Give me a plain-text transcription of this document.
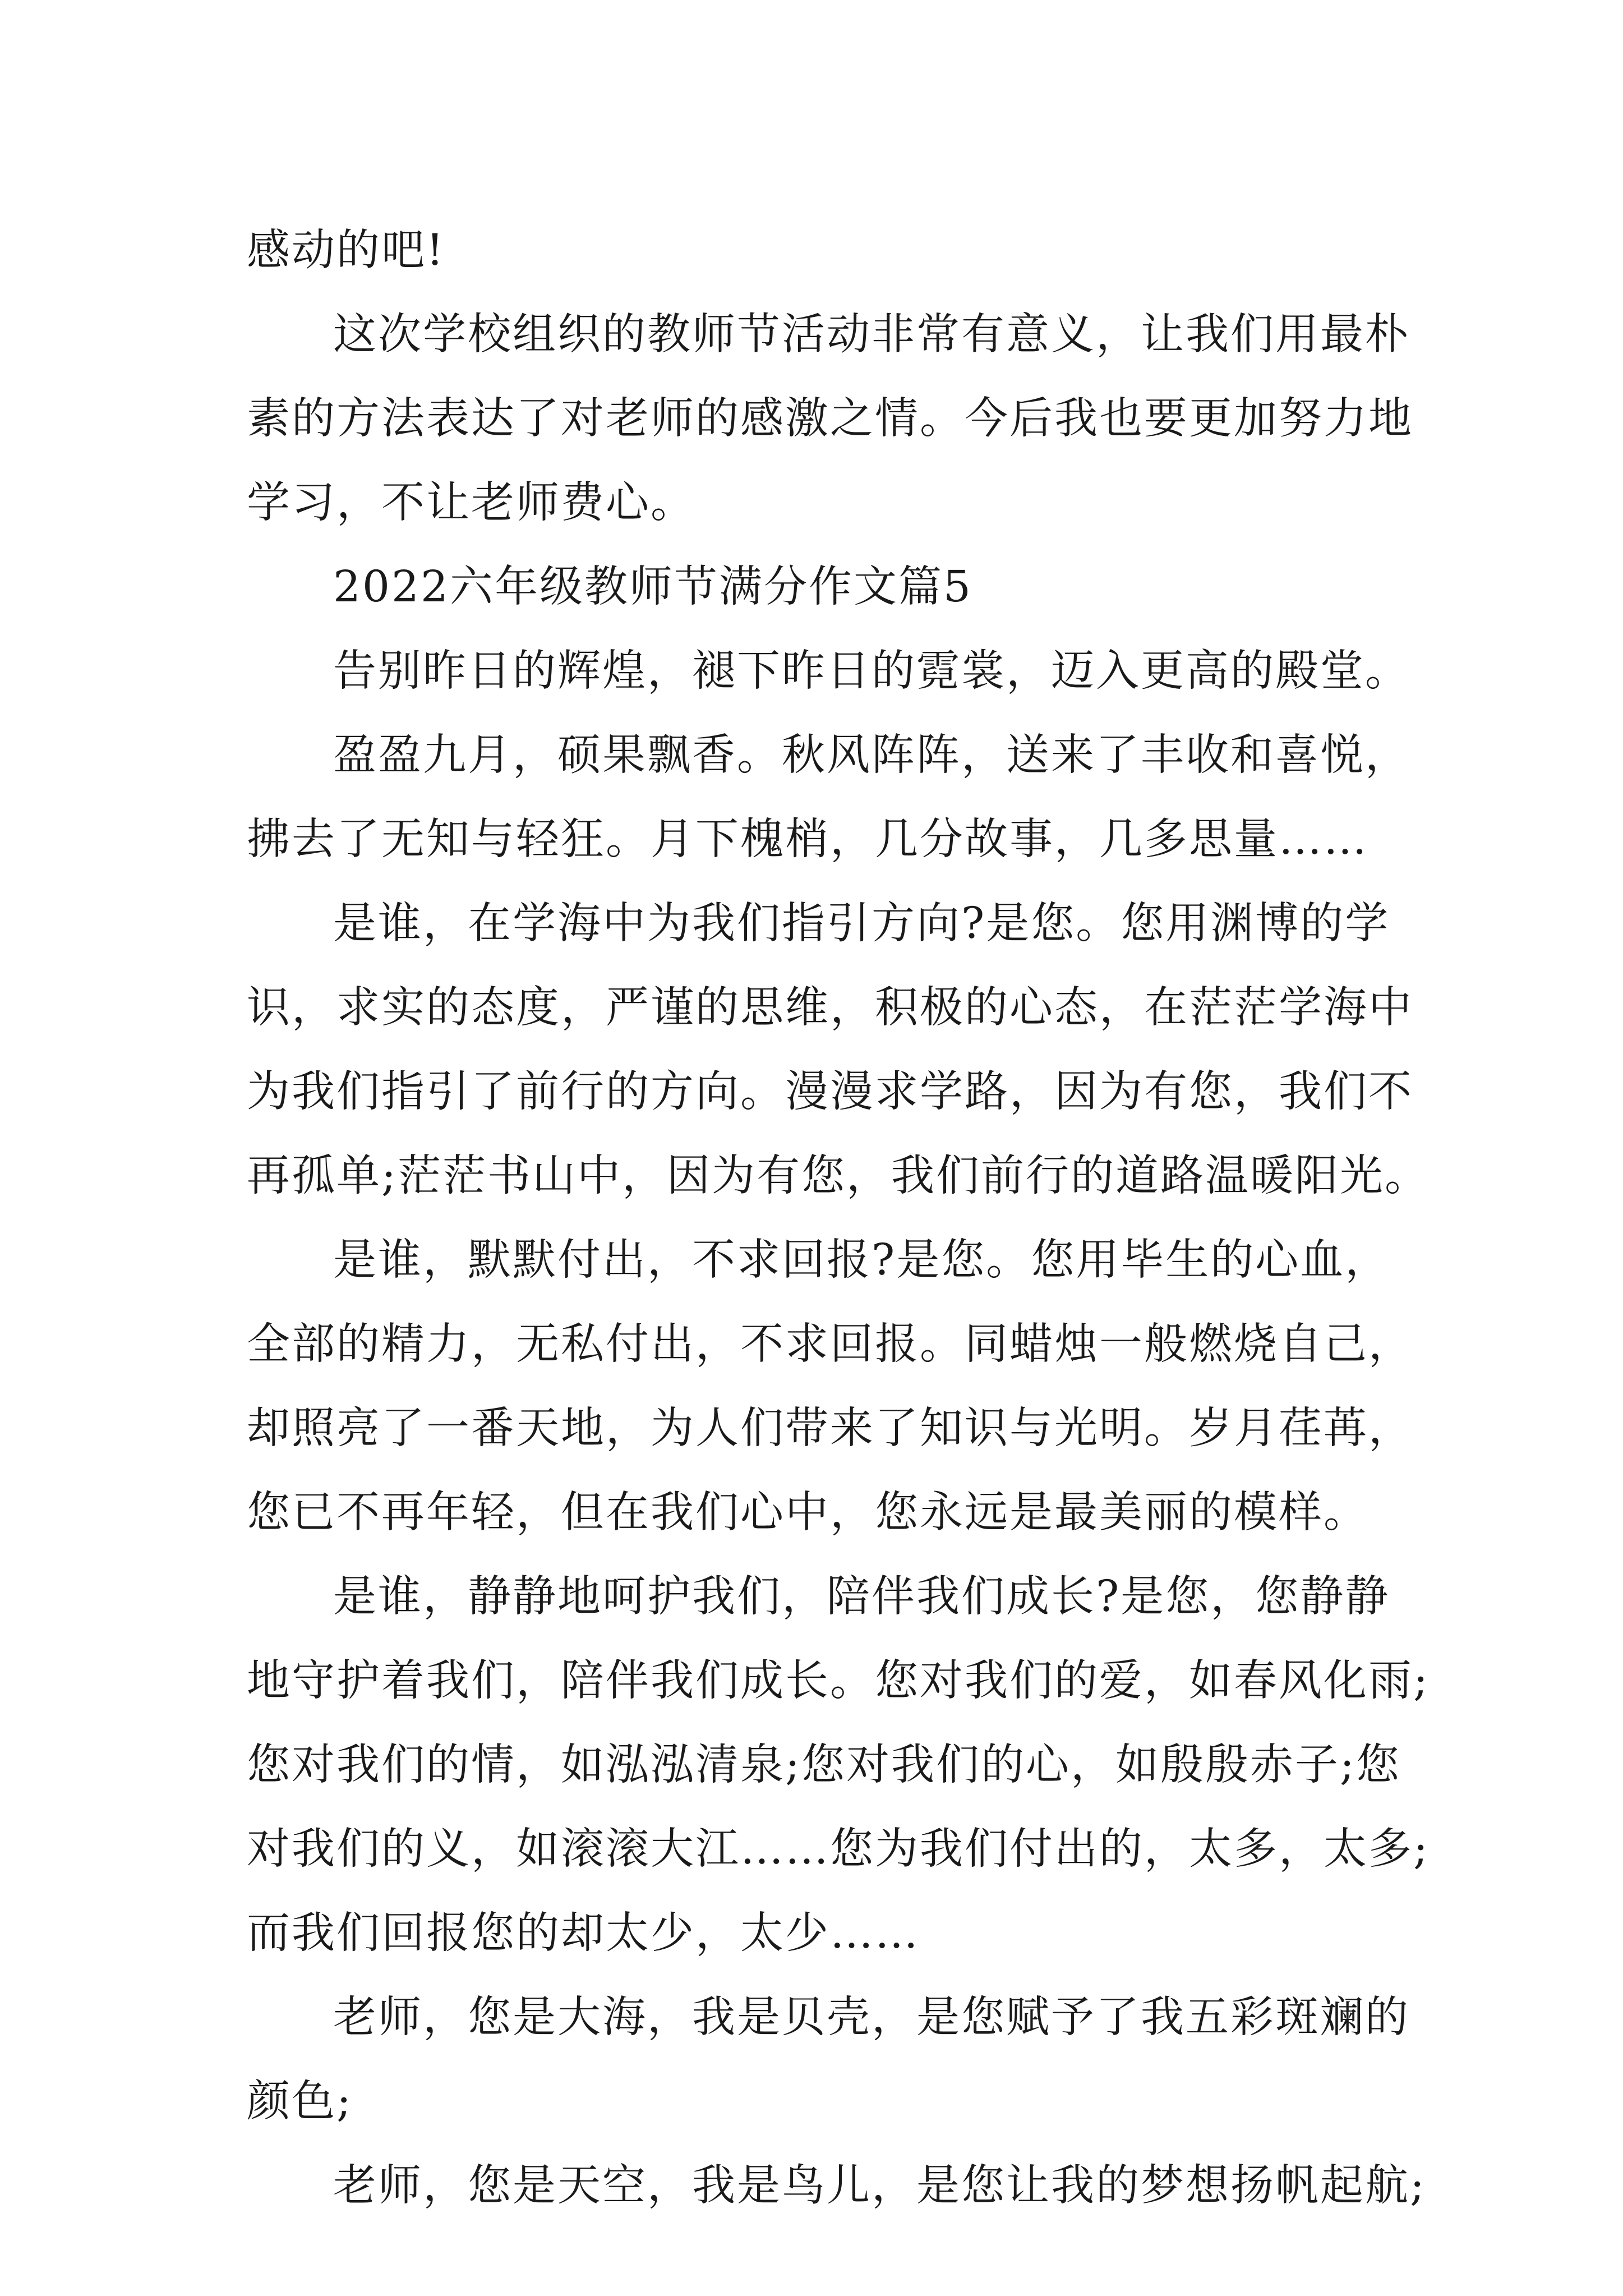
感动的吧!
这次学校组织的教师节活动非常有意义，让我们用最朴
素的方法表达了对老师的感激之情。今后我也要更加努力地
学习，不让老师费心。
2022六年级教师节满分作文篇5
告别昨日的辉煌，褪下昨日的霓裳，迈入更高的殿堂。
盈盈九月，硕果飘香。秋风阵阵，送来了丰收和喜悦，
拂去了无知与轻狂。月下槐梢，几分故事，几多思量……
是谁，在学海中为我们指引方向?是您。您用渊博的学
识，求实的态度，严谨的思维，积极的心态，在茫茫学海中
为我们指引了前行的方向。漫漫求学路，因为有您，我们不
再孤单;茫茫书山中，因为有您，我们前行的道路温暖阳光。
是谁，默默付出，不求回报?是您。您用毕生的心血，
全部的精力，无私付出，不求回报。同蜡烛一般燃烧自己，
却照亮了一番天地，为人们带来了知识与光明。岁月荏苒，
您已不再年轻，但在我们心中，您永远是最美丽的模样。
是谁，静静地呵护我们，陪伴我们成长?是您，您静静
地守护着我们，陪伴我们成长。您对我们的爱，如春风化雨;
您对我们的情，如泓泓清泉;您对我们的心，如殷殷赤子;您
对我们的义，如滚滚大江……您为我们付出的，太多，太多;
而我们回报您的却太少，太少……
老师，您是大海，我是贝壳，是您赋予了我五彩斑斓的
颜色;
老师，您是天空，我是鸟儿，是您让我的梦想扬帆起航;
